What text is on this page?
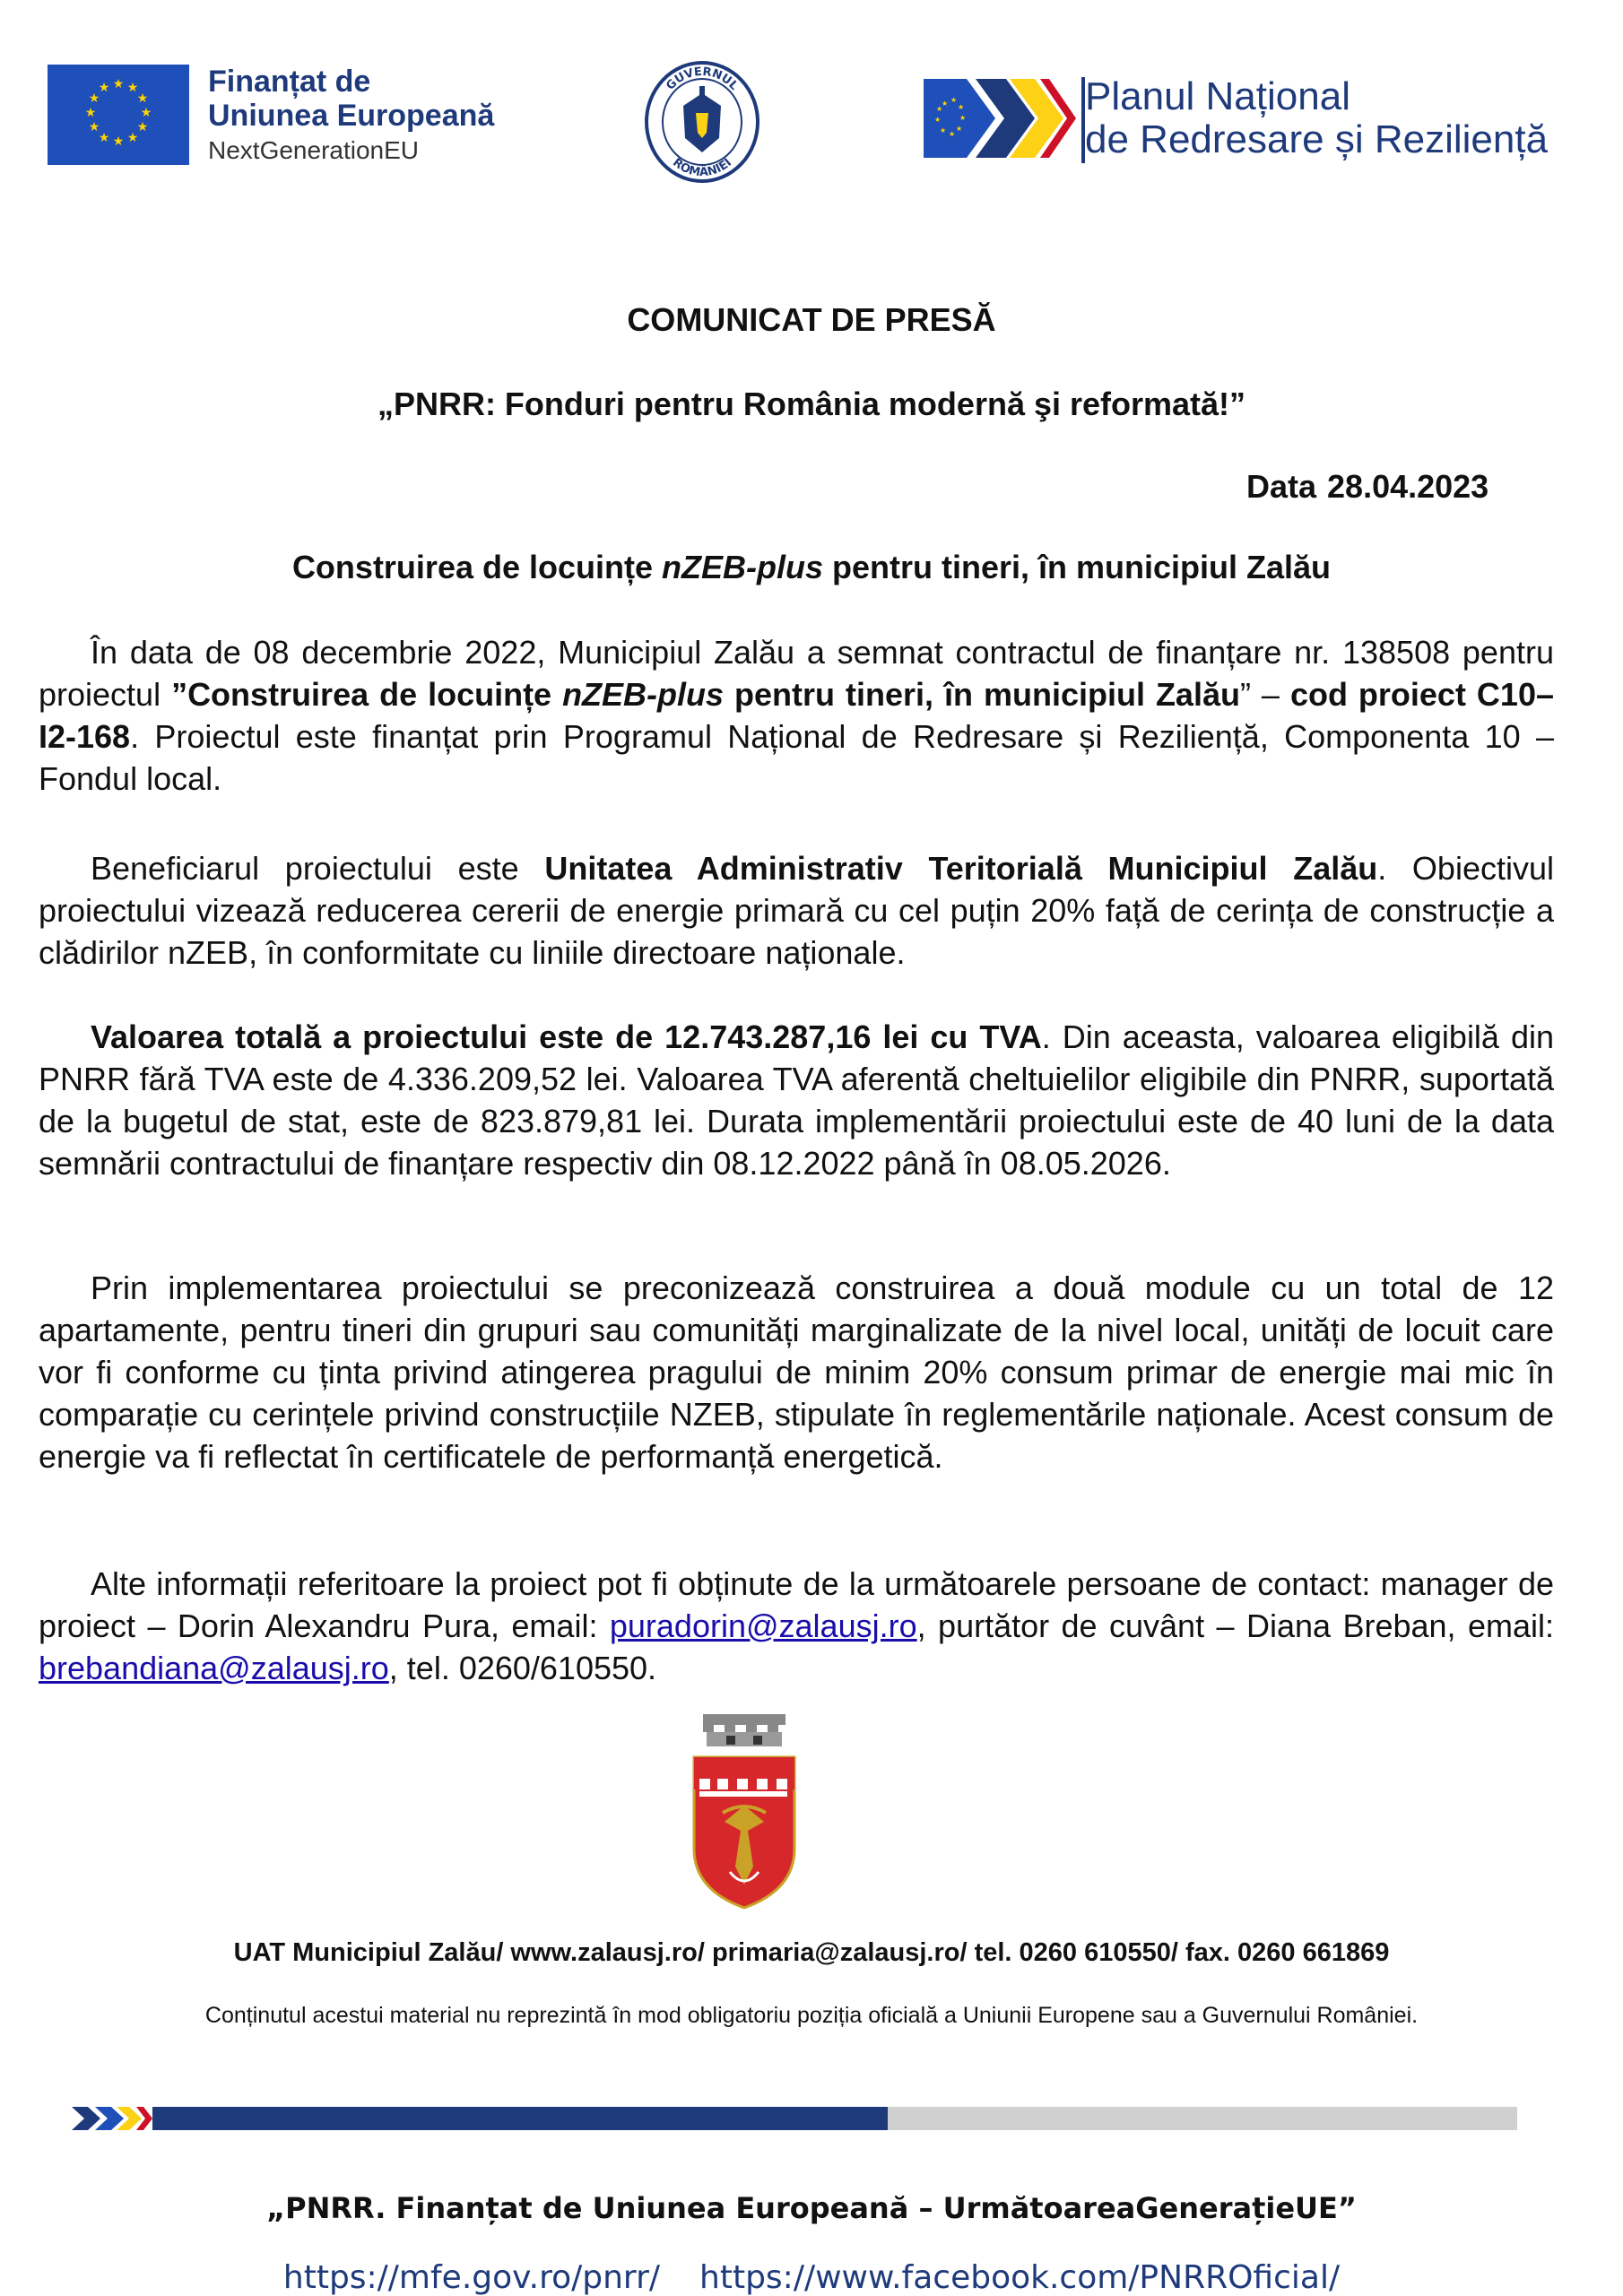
★ ★
★
★
★
★
★
★
★
★
★
★	Finanțat de
Uniunea Europeană
NextGenerationEU
GUVERNUL
ROMÂNIEI
★ ★
★
★
★
★
★
★
★	Planul Național
de Redresare și Reziliență
COMUNICAT DE PRESĂ
„PNRR: Fonduri pentru România modernă şi reformată!”
Data 28.04.2023
Construirea de locuințe nZEB-plus pentru tineri, în municipiul Zalău
În data de 08 decembrie 2022, Municipiul Zalău a semnat contractul de finanțare nr. 138508 pentru proiectul ”Construirea de locuințe nZEB-plus pentru tineri, în municipiul Zalău” – cod proiect C10–I2-168. Proiectul este finanțat prin Programul Național de Redresare și Reziliență, Componenta 10 – Fondul local.
Beneficiarul proiectului este Unitatea Administrativ Teritorială Municipiul Zalău. Obiectivul proiectului vizează reducerea cererii de energie primară cu cel puțin 20% față de cerința de construcție a clădirilor nZEB, în conformitate cu liniile directoare naționale.
Valoarea totală a proiectului este de 12.743.287,16 lei cu TVA. Din aceasta, valoarea eligibilă din PNRR fără TVA este de 4.336.209,52 lei. Valoarea TVA aferentă cheltuielilor eligibile din PNRR, suportată de la bugetul de stat, este de 823.879,81 lei. Durata implementării proiectului este de 40 luni de la data semnării contractului de finanțare respectiv din 08.12.2022 până în 08.05.2026.
Prin implementarea proiectului se preconizează construirea a două module cu un total de 12 apartamente, pentru tineri din grupuri sau comunități marginalizate de la nivel local, unități de locuit care vor fi conforme cu ținta privind atingerea pragului de minim 20% consum primar de energie mai mic în comparație cu cerințele privind construcțiile NZEB, stipulate în reglementările naționale. Acest consum de energie va fi reflectat în certificatele de performanță energetică.
Alte informații referitoare la proiect pot fi obținute de la următoarele persoane de contact: manager de proiect – Dorin Alexandru Pura, email: puradorin@zalausj.ro, purtător de cuvânt – Diana Breban, email: brebandiana@zalausj.ro, tel. 0260/610550.
UAT Municipiul Zalău/ www.zalausj.ro/ primaria@zalausj.ro/ tel. 0260 610550/ fax. 0260 661869
Conținutul acestui material nu reprezintă în mod obligatoriu poziția oficială a Uniunii Europene sau a Guvernului României.
„PNRR. Finanțat de Uniunea Europeană – UrmătoareaGenerațieUE”
https://mfe.gov.ro/pnrr/ https://www.facebook.com/PNRROficial/
